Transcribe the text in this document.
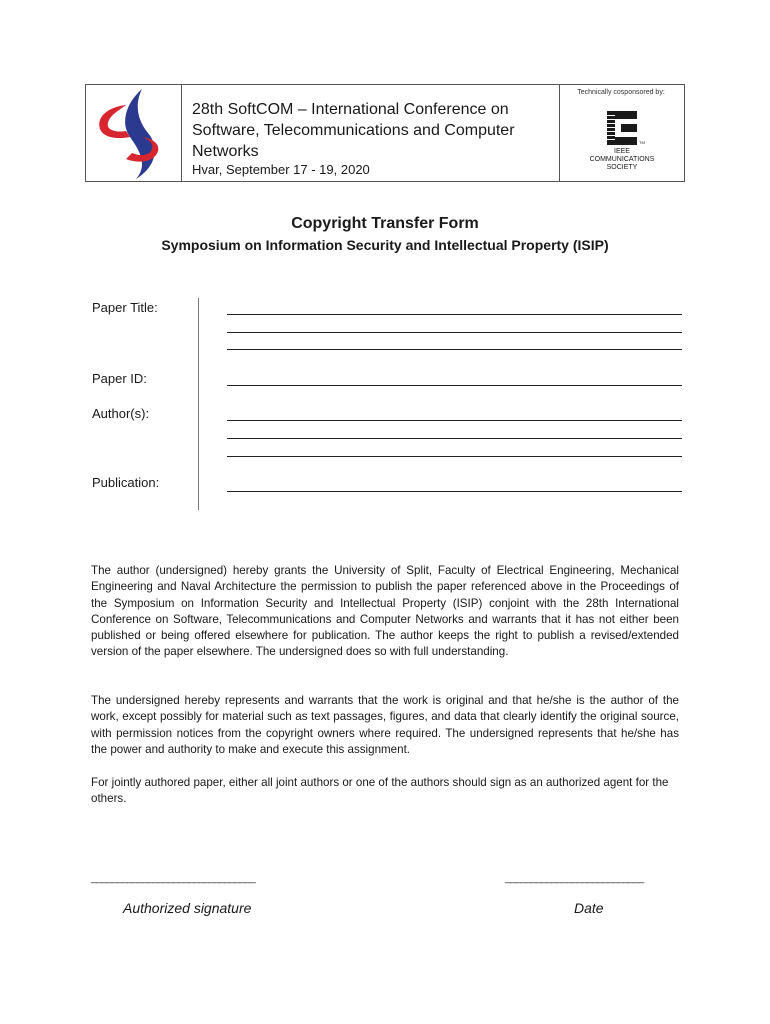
28th SoftCOM – International Conference on Software, Telecommunications and Computer Networks
Hvar, September 17 - 19, 2020
Technically cosponsored by:
TM
IEEE
COMMUNICATIONS
SOCIETY
Copyright Transfer Form
Symposium on Information Security and Intellectual Property (ISIP)
Paper Title:
Paper ID:
Author(s):
Publication:
The author (undersigned) hereby grants the University of Split, Faculty of Electrical Engineering, Mechanical Engineering and Naval Architecture the permission to publish the paper referenced above in the Proceedings of the Symposium on Information Security and Intellectual Property (ISIP) conjoint with the 28th International Conference on Software, Telecommunications and Computer Networks and warrants that it has not either been published or being offered elsewhere for publication. The author keeps the right to publish a revised/extended version of the paper elsewhere. The undersigned does so with full understanding.
The undersigned hereby represents and warrants that the work is original and that he/she is the author of the work, except possibly for material such as text passages, figures, and data that clearly identify the original source, with permission notices from the copyright owners where required. The undersigned represents that he/she has the power and authority to make and execute this assignment.
For jointly authored paper, either all joint authors or one of the authors should sign as an authorized agent for the others.
________________________________	___________________________
Authorized signature	Date
